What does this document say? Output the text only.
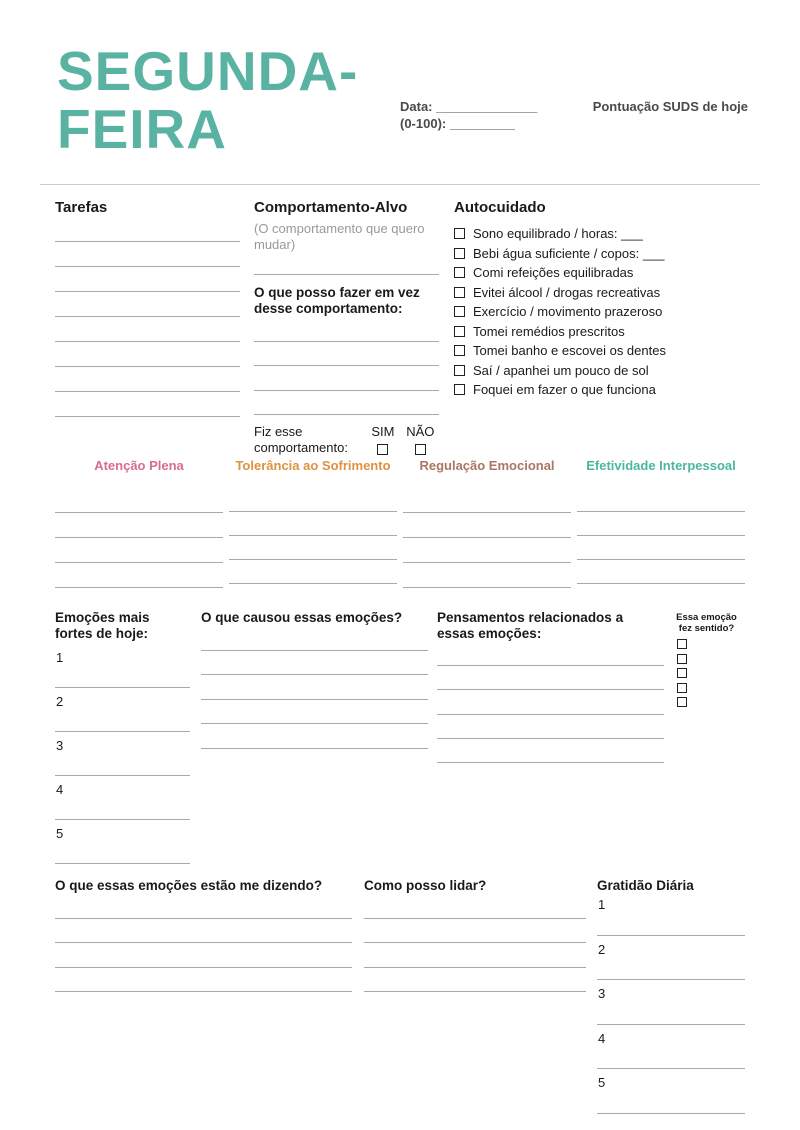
SEGUNDA-FEIRA	Data: ______________	Pontuação SUDS de hoje
(0-100): _________
Tarefas	Comportamento-Alvo
(O comportamento que quero mudar)
O que posso fazer em vez desse comportamento:
Fiz esse comportamento:
SIM NÃO
Autocuidado
Sono equilibrado / horas: ___
Bebi água suficiente / copos: ___
Comi refeições equilibradas
Evitei álcool / drogas recreativas
Exercício / movimento prazeroso
Tomei remédios prescritos
Tomei banho e escovei os dentes
Saí / apanhei um pouco de sol
Foquei em fazer o que funciona
Atenção Plena	Tolerância ao Sofrimento	Regulação Emocional	Efetividade Interpessoal
Emoções mais fortes de hoje:
1
2
3
4
5
O que causou essas emoções?	Pensamentos relacionados a essas emoções:
Essa emoção fez sentido?
O que essas emoções estão me dizendo?	Como posso lidar?	Gratidão Diária
1
2
3
4
5
